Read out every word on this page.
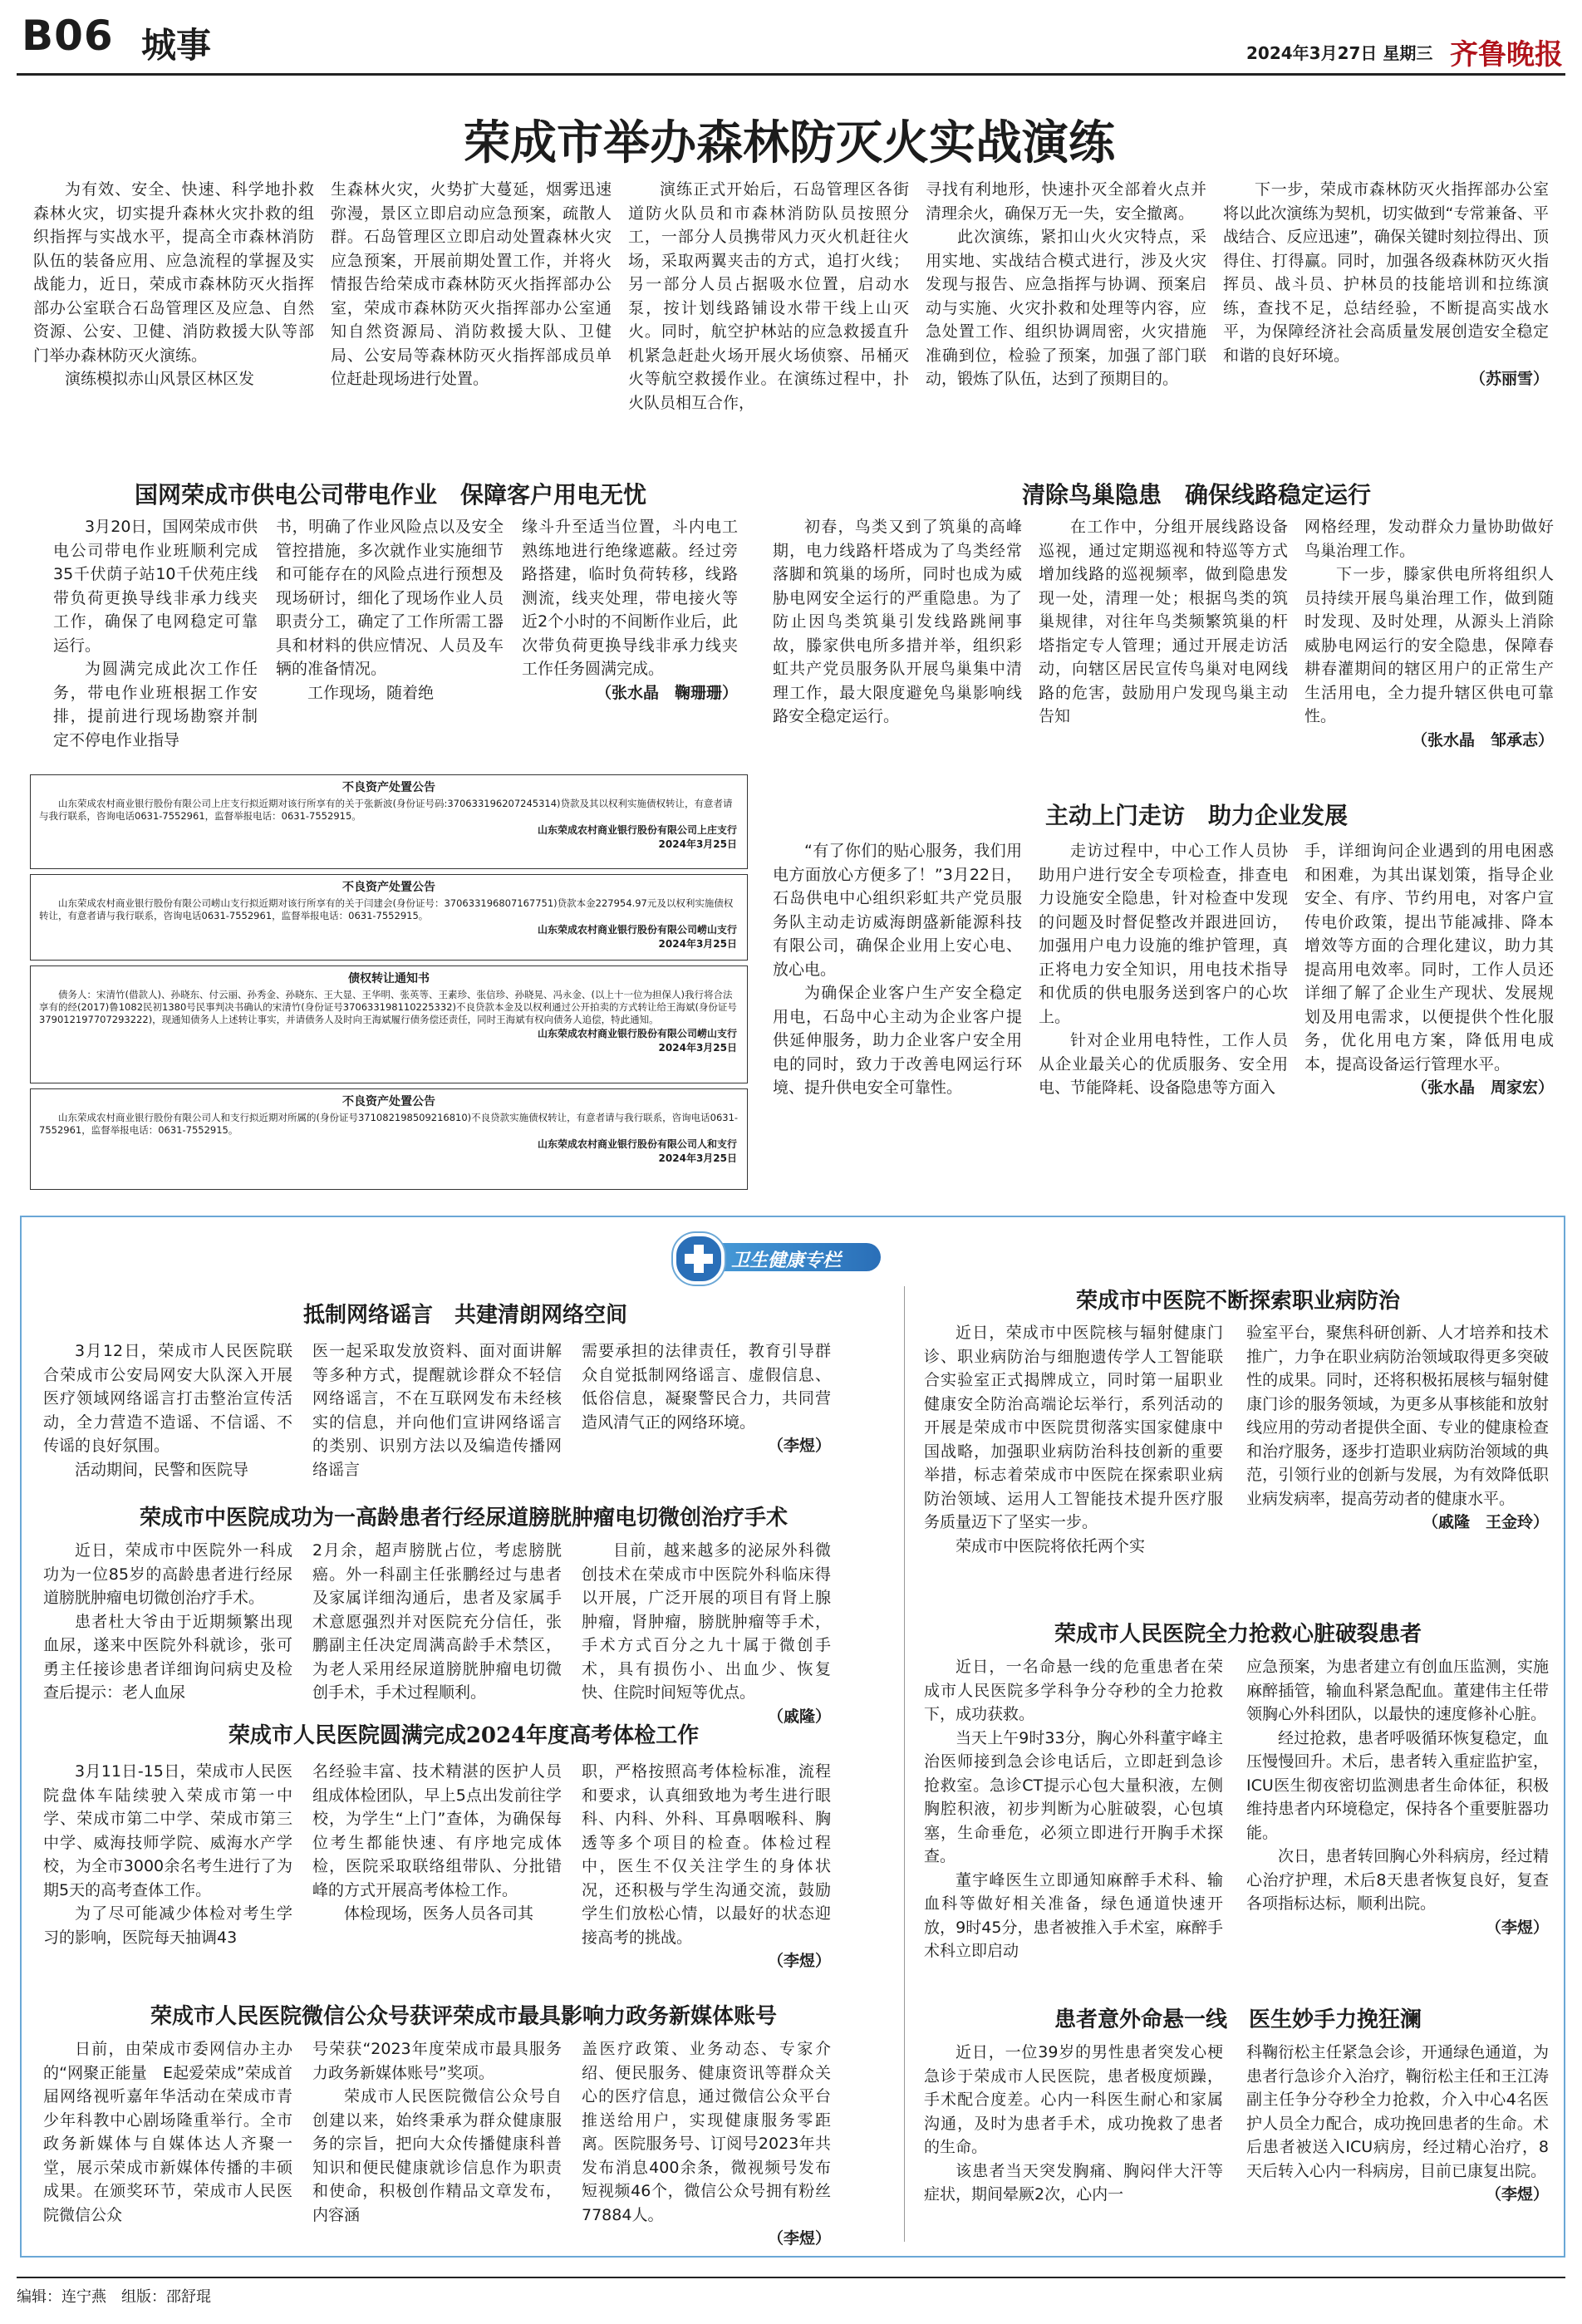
B06 城事	2024年3月27日 星期三 齐鲁晚报
荣成市举办森林防灭火实战演练

为有效、安全、快速、科学地扑救森林火灾，切实提升森林火灾扑救的组织指挥与实战水平，提高全市森林消防队伍的装备应用、应急流程的掌握及实战能力，近日，荣成市森林防灭火指挥部办公室联合石岛管理区及应急、自然资源、公安、卫健、消防救援大队等部门举办森林防灭火演练。

演练模拟赤山风景区林区发

生森林火灾，火势扩大蔓延，烟雾迅速弥漫，景区立即启动应急预案，疏散人群。石岛管理区立即启动处置森林火灾应急预案，开展前期处置工作，并将火情报告给荣成市森林防灭火指挥部办公室，荣成市森林防灭火指挥部办公室通知自然资源局、消防救援大队、卫健局、公安局等森林防灭火指挥部成员单位赶赴现场进行处置。

演练正式开始后，石岛管理区各街道防火队员和市森林消防队员按照分工，一部分人员携带风力灭火机赶往火场，采取两翼夹击的方式，追打火线；另一部分人员占据吸水位置，启动水泵，按计划线路铺设水带干线上山灭火。同时，航空护林站的应急救援直升机紧急赶赴火场开展火场侦察、吊桶灭火等航空救援作业。在演练过程中，扑火队员相互合作，

寻找有利地形，快速扑灭全部着火点并清理余火，确保万无一失，安全撤离。

此次演练，紧扣山火火灾特点，采用实地、实战结合模式进行，涉及火灾发现与报告、应急指挥与协调、预案启动与实施、火灾扑救和处理等内容，应急处置工作、组织协调周密，火灾措施准确到位，检验了预案，加强了部门联动，锻炼了队伍，达到了预期目的。

下一步，荣成市森林防灭火指挥部办公室将以此次演练为契机，切实做到“专常兼备、平战结合、反应迅速”，确保关键时刻拉得出、顶得住、打得赢。同时，加强各级森林防灭火指挥员、战斗员、护林员的技能培训和拉练演练，查找不足，总结经验，不断提高实战水平，为保障经济社会高质量发展创造安全稳定和谐的良好环境。

（苏丽雪）
国网荣成市供电公司带电作业　保障客户用电无忧

3月20日，国网荣成市供电公司带电作业班顺利完成35千伏荫子站10千伏苑庄线带负荷更换导线非承力线夹工作，确保了电网稳定可靠运行。

为圆满完成此次工作任务，带电作业班根据工作安排，提前进行现场勘察并制定不停电作业指导

书，明确了作业风险点以及安全管控措施，多次就作业实施细节和可能存在的风险点进行预想及现场研讨，细化了现场作业人员职责分工，确定了工作所需工器具和材料的供应情况、人员及车辆的准备情况。

工作现场，随着绝

缘斗升至适当位置，斗内电工熟练地进行绝缘遮蔽。经过旁路搭建，临时负荷转移，线路测流，线夹处理，带电接火等近2个小时的不间断作业后，此次带负荷更换导线非承力线夹工作任务圆满完成。

（张水晶　鞠珊珊）
不良资产处置公告
山东荣成农村商业银行股份有限公司上庄支行拟近期对该行所享有的关于张新波(身份证号码:370633196207245314)贷款及其以权利实施债权转让，有意者请与我行联系，咨询电话0631-7552961，监督举报电话：0631-7552915。
山东荣成农村商业银行股份有限公司上庄支行
2024年3月25日
不良资产处置公告
山东荣成农村商业银行股份有限公司崂山支行拟近期对该行所享有的关于闫建会(身份证号：370633196807167751)贷款本金227954.97元及以权利实施债权转让，有意者请与我行联系，咨询电话0631-7552961，监督举报电话：0631-7552915。
山东荣成农村商业银行股份有限公司崂山支行
2024年3月25日
债权转让通知书
债务人：宋清竹(借款人)、孙晓东、付云丽、孙秀金、孙晓东、王大显、王华明、张英等、王素珍、张信珍、孙晓晃、冯永金、(以上十一位为担保人)我行将合法享有的经(2017)鲁1082民初1380号民事判决书确认的宋清竹(身份证号370633198110225332)不良贷款本金及以权利通过公开拍卖的方式转让给王海斌(身份证号379012197707293222)，现通知债务人上述转让事实，并请债务人及时向王海斌履行债务偿还责任，同时王海斌有权向债务人追偿，特此通知。
山东荣成农村商业银行股份有限公司崂山支行
2024年3月25日
不良资产处置公告
山东荣成农村商业银行股份有限公司人和支行拟近期对所属的(身份证号371082198509216810)不良贷款实施债权转让，有意者请与我行联系，咨询电话0631-7552961，监督举报电话：0631-7552915。
山东荣成农村商业银行股份有限公司人和支行
2024年3月25日
清除鸟巢隐患　确保线路稳定运行

初春，鸟类又到了筑巢的高峰期，电力线路杆塔成为了鸟类经常落脚和筑巢的场所，同时也成为威胁电网安全运行的严重隐患。为了防止因鸟类筑巢引发线路跳闸事故，滕家供电所多措并举，组织彩虹共产党员服务队开展鸟巢集中清理工作，最大限度避免鸟巢影响线路安全稳定运行。

在工作中，分组开展线路设备巡视，通过定期巡视和特巡等方式增加线路的巡视频率，做到隐患发现一处，清理一处；根据鸟类的筑巢规律，对往年鸟类频繁筑巢的杆塔指定专人管理；通过开展走访活动，向辖区居民宣传鸟巢对电网线路的危害，鼓励用户发现鸟巢主动告知

网格经理，发动群众力量协助做好鸟巢治理工作。

下一步，滕家供电所将组织人员持续开展鸟巢治理工作，做到随时发现、及时处理，从源头上消除威胁电网运行的安全隐患，保障春耕春灌期间的辖区用户的正常生产生活用电，全力提升辖区供电可靠性。

（张水晶　邹承志）
主动上门走访　助力企业发展

“有了你们的贴心服务，我们用电方面放心方便多了！”3月22日，石岛供电中心组织彩虹共产党员服务队主动走访威海朗盛新能源科技有限公司，确保企业用上安心电、放心电。

为确保企业客户生产安全稳定用电，石岛中心主动为企业客户提供延伸服务，助力企业客户安全用电的同时，致力于改善电网运行环境、提升供电安全可靠性。

走访过程中，中心工作人员协助用户进行安全专项检查，排查电力设施安全隐患，针对检查中发现的问题及时督促整改并跟进回访，加强用户电力设施的维护管理，真正将电力安全知识，用电技术指导和优质的供电服务送到客户的心坎上。

针对企业用电特性，工作人员从企业最关心的优质服务、安全用电、节能降耗、设备隐患等方面入

手，详细询问企业遇到的用电困惑和困难，为其出谋划策，指导企业安全、有序、节约用电，对客户宣传电价政策，提出节能减排、降本增效等方面的合理化建议，助力其提高用电效率。同时，工作人员还详细了解了企业生产现状、发展规划及用电需求，以便提供个性化服务，优化用电方案，降低用电成本，提高设备运行管理水平。

（张水晶　周家宏）
卫生健康专栏
抵制网络谣言　共建清朗网络空间

3月12日，荣成市人民医院联合荣成市公安局网安大队深入开展医疗领域网络谣言打击整治宣传活动，全力营造不造谣、不信谣、不传谣的良好氛围。

活动期间，民警和医院导

医一起采取发放资料、面对面讲解等多种方式，提醒就诊群众不轻信网络谣言，不在互联网发布未经核实的信息，并向他们宣讲网络谣言的类别、识别方法以及编造传播网络谣言

需要承担的法律责任，教育引导群众自觉抵制网络谣言、虚假信息、低俗信息，凝聚警民合力，共同营造风清气正的网络环境。

（李煜）
荣成市中医院成功为一高龄患者行经尿道膀胱肿瘤电切微创治疗手术

近日，荣成市中医院外一科成功为一位85岁的高龄患者进行经尿道膀胱肿瘤电切微创治疗手术。

患者杜大爷由于近期频繁出现血尿，遂来中医院外科就诊，张可勇主任接诊患者详细询问病史及检查后提示：老人血尿

2月余，超声膀胱占位，考虑膀胱癌。外一科副主任张鹏经过与患者及家属详细沟通后，患者及家属手术意愿强烈并对医院充分信任，张鹏副主任决定周满高龄手术禁区，为老人采用经尿道膀胱肿瘤电切微创手术，手术过程顺利。

目前，越来越多的泌尿外科微创技术在荣成市中医院外科临床得以开展，广泛开展的项目有肾上腺肿瘤，肾肿瘤，膀胱肿瘤等手术，手术方式百分之九十属于微创手术，具有损伤小、出血少、恢复快、住院时间短等优点。

（戚隆）
荣成市人民医院圆满完成2024年度高考体检工作

3月11日-15日，荣成市人民医院盘体车陆续驶入荣成市第一中学、荣成市第二中学、荣成市第三中学、威海技师学院、威海水产学校，为全市3000余名考生进行了为期5天的高考查体工作。

为了尽可能减少体检对考生学习的影响，医院每天抽调43

名经验丰富、技术精湛的医护人员组成体检团队，早上5点出发前往学校，为学生“上门”查体，为确保每位考生都能快速、有序地完成体检，医院采取联络组带队、分批错峰的方式开展高考体检工作。

体检现场，医务人员各司其

职，严格按照高考体检标准，流程和要求，认真细致地为考生进行眼科、内科、外科、耳鼻咽喉科、胸透等多个项目的检查。体检过程中，医生不仅关注学生的身体状况，还积极与学生沟通交流，鼓励学生们放松心情，以最好的状态迎接高考的挑战。

（李煜）
荣成市人民医院微信公众号获评荣成市最具影响力政务新媒体账号

日前，由荣成市委网信办主办的“网聚正能量　E起爱荣成”荣成首届网络视听嘉年华活动在荣成市青少年科教中心剧场隆重举行。全市政务新媒体与自媒体达人齐聚一堂，展示荣成市新媒体传播的丰硕成果。在颁奖环节，荣成市人民医院微信公众

号荣获“2023年度荣成市最具服务力政务新媒体账号”奖项。

荣成市人民医院微信公众号自创建以来，始终秉承为群众健康服务的宗旨，把向大众传播健康科普知识和便民健康就诊信息作为职责和使命，积极创作精品文章发布，内容涵

盖医疗政策、业务动态、专家介绍、便民服务、健康资讯等群众关心的医疗信息，通过微信公众平台推送给用户，实现健康服务零距离。医院服务号、订阅号2023年共发布消息400余条，微视频号发布短视频46个，微信公众号拥有粉丝77884人。

（李煜）
荣成市中医院不断探索职业病防治

近日，荣成市中医院核与辐射健康门诊、职业病防治与细胞遗传学人工智能联合实验室正式揭牌成立，同时第一届职业健康安全防治高端论坛举行，系列活动的开展是荣成市中医院贯彻落实国家健康中国战略，加强职业病防治科技创新的重要举措，标志着荣成市中医院在探索职业病防治领域、运用人工智能技术提升医疗服务质量迈下了坚实一步。

荣成市中医院将依托两个实

验室平台，聚焦科研创新、人才培养和技术推广，力争在职业病防治领域取得更多突破性的成果。同时，还将积极拓展核与辐射健康门诊的服务领域，为更多从事核能和放射线应用的劳动者提供全面、专业的健康检查和治疗服务，逐步打造职业病防治领域的典范，引领行业的创新与发展，为有效降低职业病发病率，提高劳动者的健康水平。

（戚隆　王金玲）
荣成市人民医院全力抢救心脏破裂患者

近日，一名命悬一线的危重患者在荣成市人民医院多学科争分夺秒的全力抢救下，成功获救。

当天上午9时33分，胸心外科董宇峰主治医师接到急会诊电话后，立即赶到急诊抢救室。急诊CT提示心包大量积液，左侧胸腔积液，初步判断为心脏破裂，心包填塞，生命垂危，必须立即进行开胸手术探查。

董宇峰医生立即通知麻醉手术科、输血科等做好相关准备，绿色通道快速开放，9时45分，患者被推入手术室，麻醉手术科立即启动

应急预案，为患者建立有创血压监测，实施麻醉插管，输血科紧急配血。董建伟主任带领胸心外科团队，以最快的速度修补心脏。

经过抢救，患者呼吸循环恢复稳定，血压慢慢回升。术后，患者转入重症监护室，ICU医生彻夜密切监测患者生命体征，积极维持患者内环境稳定，保持各个重要脏器功能。

次日，患者转回胸心外科病房，经过精心治疗护理，术后8天患者恢复良好，复查各项指标达标，顺利出院。

（李煜）
患者意外命悬一线　医生妙手力挽狂澜

近日，一位39岁的男性患者突发心梗急诊于荣成市人民医院，患者极度烦躁，手术配合度差。心内一科医生耐心和家属沟通，及时为患者手术，成功挽救了患者的生命。

该患者当天突发胸痛、胸闷伴大汗等症状，期间晕厥2次，心内一

科鞠衍松主任紧急会诊，开通绿色通道，为患者行急诊介入治疗，鞠衍松主任和王江涛副主任争分夺秒全力抢救，介入中心4名医护人员全力配合，成功挽回患者的生命。术后患者被送入ICU病房，经过精心治疗，8天后转入心内一科病房，目前已康复出院。

（李煜）
编辑：连宁燕　组版：邵舒琨
